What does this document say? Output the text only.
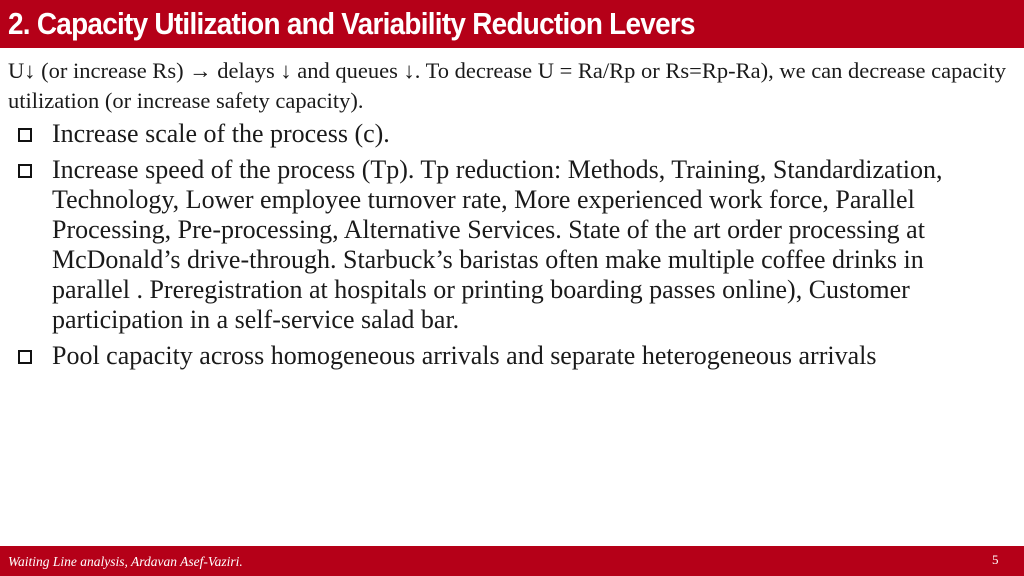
2. Capacity Utilization and Variability Reduction Levers
U↓ (or increase Rs) → delays ↓ and queues ↓. To decrease U = Ra/Rp or Rs=Rp-Ra), we can decrease capacity utilization (or increase safety capacity).
Increase scale of the process (c).
Increase speed of the process (Tp). Tp reduction: Methods, Training, Standardization, Technology, Lower employee turnover rate, More experienced work force, Parallel Processing, Pre-processing, Alternative Services. State of the art order processing at McDonald’s drive-through. Starbuck’s baristas often make multiple coffee drinks in parallel . Preregistration at hospitals or printing boarding passes online), Customer participation in a self-service salad bar.
Pool capacity across homogeneous arrivals and separate heterogeneous arrivals
Waiting Line analysis, Ardavan Asef-Vaziri.	5
